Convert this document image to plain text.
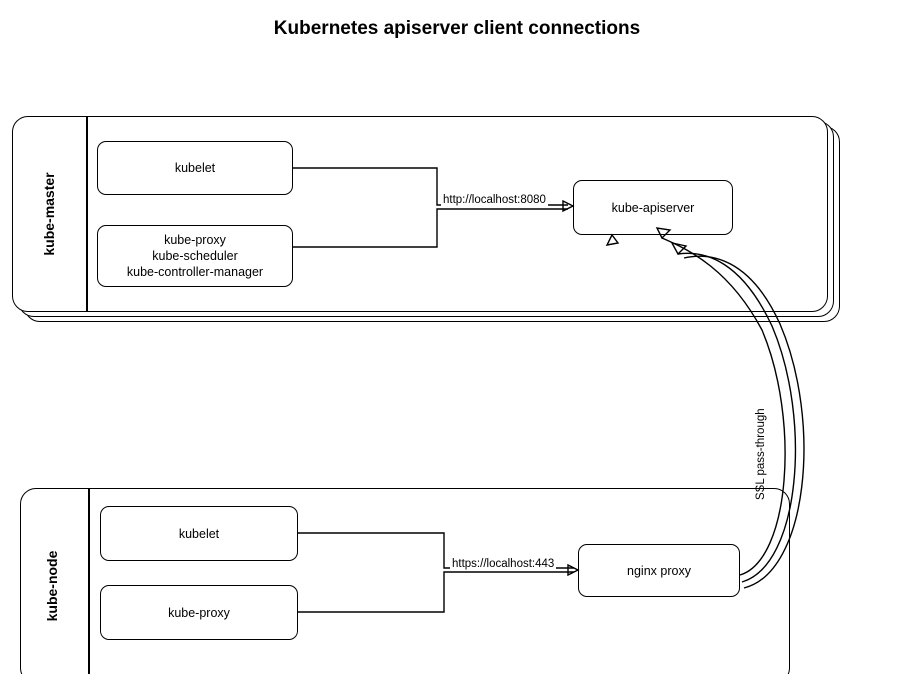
Kubernetes apiserver client connections
kube-master
kubelet
kube-proxy
kube-scheduler
kube-controller-manager
kube-apiserver
kube-node
kubelet
kube-proxy
nginx proxy
http://localhost:8080
https://localhost:443
SSL pass-through
